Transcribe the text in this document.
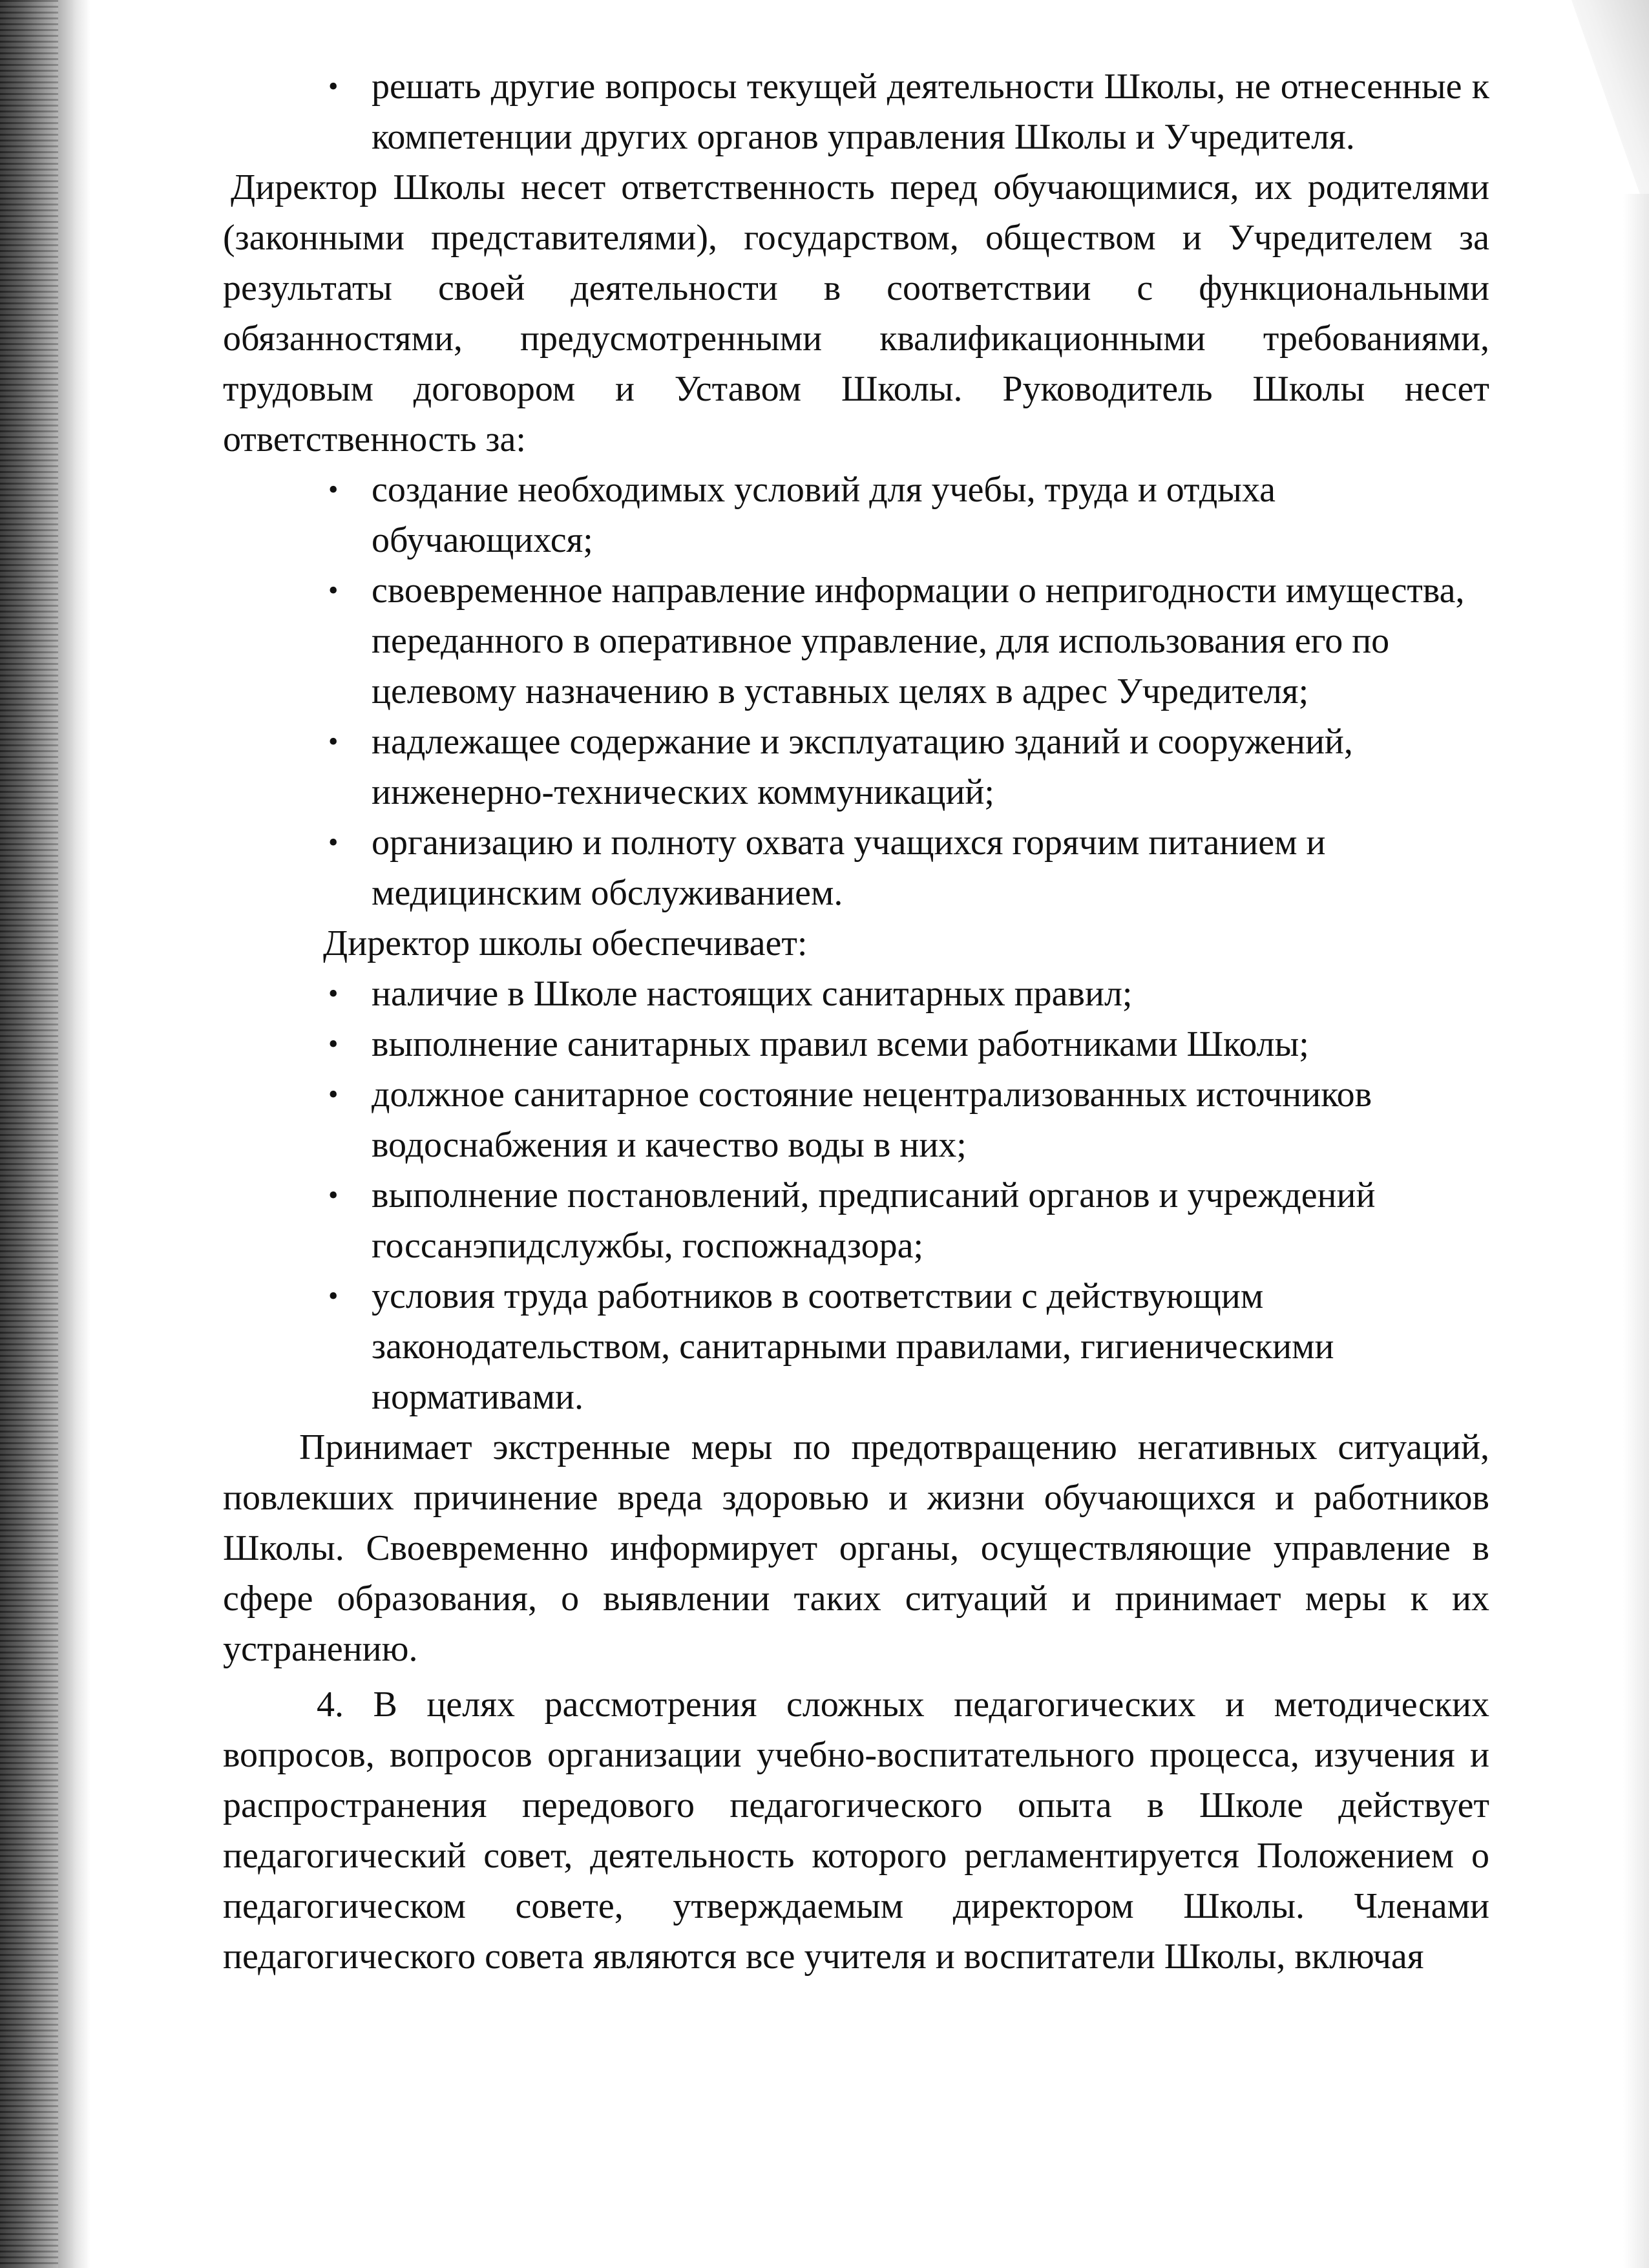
• решать другие вопросы текущей деятельности Школы, не отнесенные к компетенции других органов управления Школы и Учредителя.

Директор Школы несет ответственность перед обучающимися, их родителями (законными представителями), государством, обществом и Учредителем за результаты своей деятельности в соответствии с функциональными обязанностями, предусмотренными квалификационными требованиями, трудовым договором и Уставом Школы. Руководитель Школы несет ответственность за:

• создание необходимых условий для учебы, труда и отдыха обучающихся;
• своевременное направление информации о непригодности имущества, переданного в оперативное управление, для использования его по целевому назначению в уставных целях в адрес Учредителя;
• надлежащее содержание и эксплуатацию зданий и сооружений, инженерно-технических коммуникаций;
• организацию и полноту охвата учащихся горячим питанием и медицинским обслуживанием.

Директор школы обеспечивает:

• наличие в Школе настоящих санитарных правил;
• выполнение санитарных правил всеми работниками Школы;
• должное санитарное состояние нецентрализованных источников водоснабжения и качество воды в них;
• выполнение постановлений, предписаний органов и учреждений госсанэпидслужбы, госпожнадзора;
• условия труда работников в соответствии с действующим законодательством, санитарными правилами, гигиеническими нормативами.

Принимает экстренные меры по предотвращению негативных ситуаций, повлекших причинение вреда здоровью и жизни обучающихся и работников Школы. Своевременно информирует органы, осуществляющие управление в сфере образования, о выявлении таких ситуаций и принимает меры к их устранению.

4. В целях рассмотрения сложных педагогических и методических вопросов, вопросов организации учебно-воспитательного процесса, изучения и распространения передового педагогического опыта в Школе действует педагогический совет, деятельность которого регламентируется Положением о педагогическом совете, утверждаемым директором Школы. Членами педагогического совета являются все учителя и воспитатели Школы, включая
